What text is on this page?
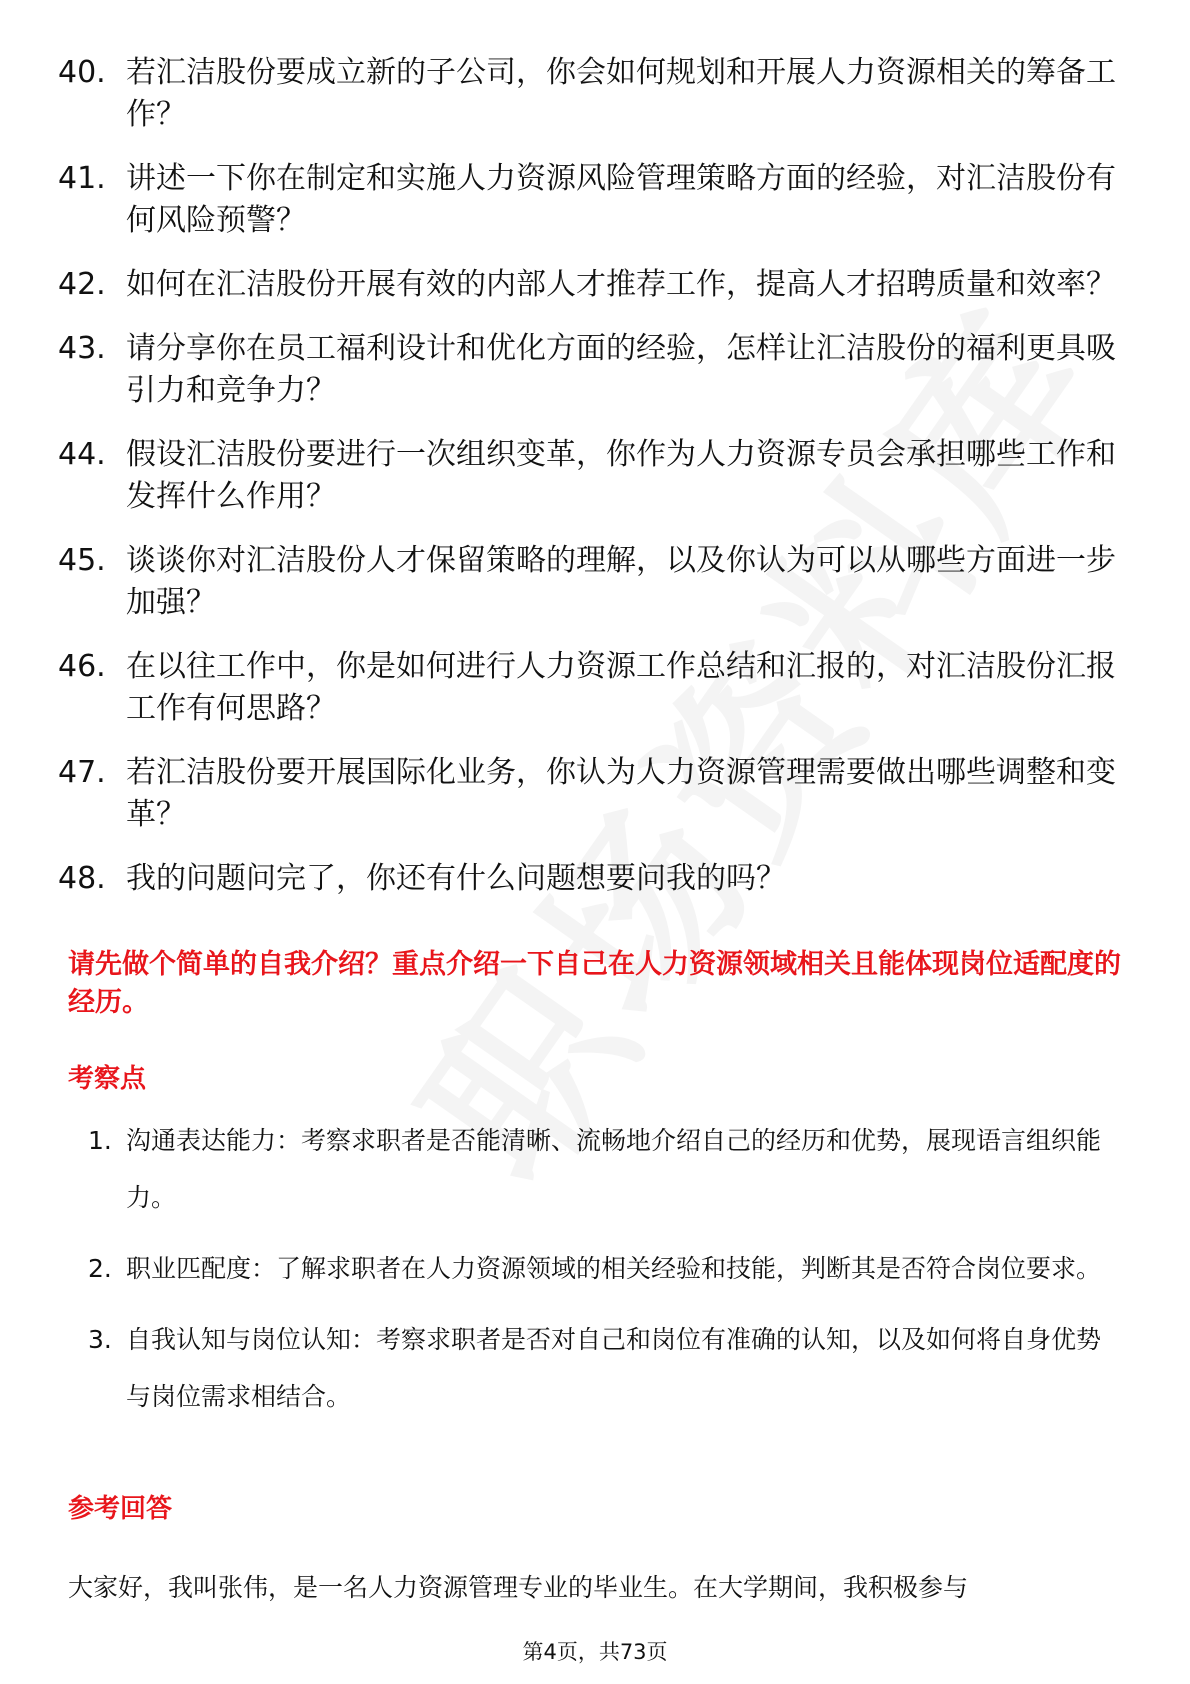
40. 若汇洁股份要成立新的子公司，你会如何规划和开展人力资源相关的筹备工作？
41. 讲述一下你在制定和实施人力资源风险管理策略方面的经验，对汇洁股份有何风险预警？
42. 如何在汇洁股份开展有效的内部人才推荐工作，提高人才招聘质量和效率？
43. 请分享你在员工福利设计和优化方面的经验，怎样让汇洁股份的福利更具吸引力和竞争力？
44. 假设汇洁股份要进行一次组织变革，你作为人力资源专员会承担哪些工作和发挥什么作用？
45. 谈谈你对汇洁股份人才保留策略的理解，以及你认为可以从哪些方面进一步加强？
46. 在以往工作中，你是如何进行人力资源工作总结和汇报的，对汇洁股份汇报工作有何思路？
47. 若汇洁股份要开展国际化业务，你认为人力资源管理需要做出哪些调整和变革？
48. 我的问题问完了，你还有什么问题想要问我的吗？
请先做个简单的自我介绍？重点介绍一下自己在人力资源领域相关且能体现岗位适配度的经历。
考察点
1. 沟通表达能力：考察求职者是否能清晰、流畅地介绍自己的经历和优势，展现语言组织能力。
2. 职业匹配度：了解求职者在人力资源领域的相关经验和技能，判断其是否符合岗位要求。
3. 自我认知与岗位认知：考察求职者是否对自己和岗位有准确的认知，以及如何将自身优势与岗位需求相结合。
参考回答
大家好，我叫张伟，是一名人力资源管理专业的毕业生。在大学期间，我积极参与
第4页，共73页
